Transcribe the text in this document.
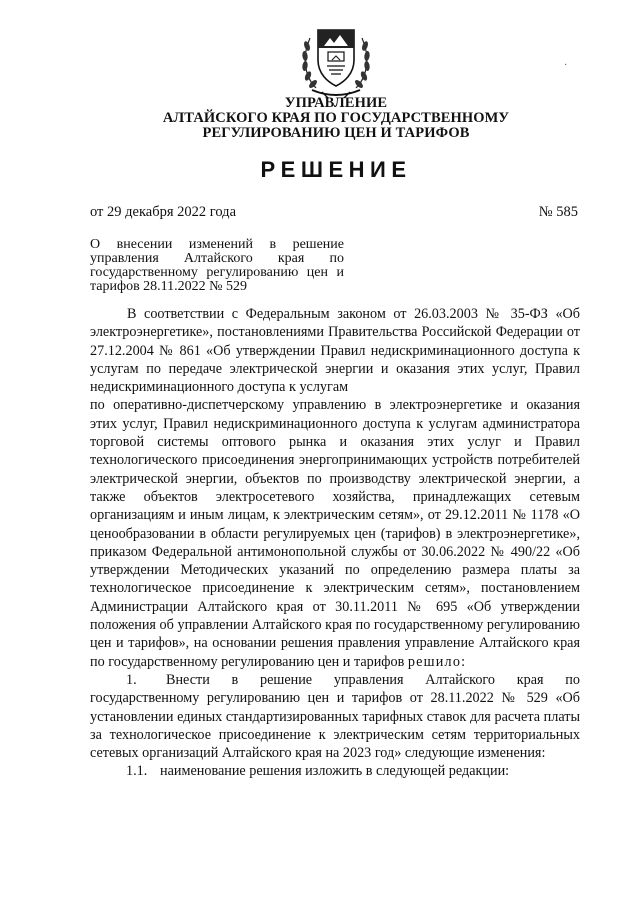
·
УПРАВЛЕНИЕ
АЛТАЙСКОГО КРАЯ ПО ГОСУДАРСТВЕННОМУ
РЕГУЛИРОВАНИЮ ЦЕН И ТАРИФОВ
РЕШЕНИЕ
от 29 декабря 2022 года	№ 585
О внесении изменений в решение управления Алтайского края по государственному регулированию цен и тарифов 28.11.2022 № 529

В соответствии с Федеральным законом от 26.03.2003 № 35-ФЗ «Об электроэнергетике», постановлениями Правительства Российской Федерации от 27.12.2004 № 861 «Об утверждении Правил недискриминационного доступа к услугам по передаче электрической энергии и оказания этих услуг, Правил недискриминационного доступа к услугам

по оперативно-диспетчерскому управлению в электроэнергетике и оказания этих услуг, Правил недискриминационного доступа к услугам администратора торговой системы оптового рынка и оказания этих услуг и Правил технологического присоединения энергопринимающих устройств потребителей электрической энергии, объектов по производству электрической энергии, а также объектов электросетевого хозяйства, принадлежащих сетевым организациям и иным лицам, к электрическим сетям», от 29.12.2011 № 1178 «О ценообразовании в области регулируемых цен (тарифов) в электроэнергетике», приказом Федеральной антимонопольной службы от 30.06.2022 № 490/22 «Об утверждении Методических указаний по определению размера платы за технологическое присоединение к электрическим сетям», постановлением Администрации Алтайского края от 30.11.2011 № 695 «Об утверждении положения об управлении Алтайского края по государственному регулированию цен и тарифов», на основании решения правления управление Алтайского края по государственному регулированию цен и тарифов решило:

1. Внести в решение управления Алтайского края по государственному регулированию цен и тарифов от 28.11.2022 № 529 «Об установлении единых стандартизированных тарифных ставок для расчета платы за технологическое присоединение к электрическим сетям территориальных сетевых организаций Алтайского края на 2023 год» следующие изменения:

1.1. наименование решения изложить в следующей редакции:
